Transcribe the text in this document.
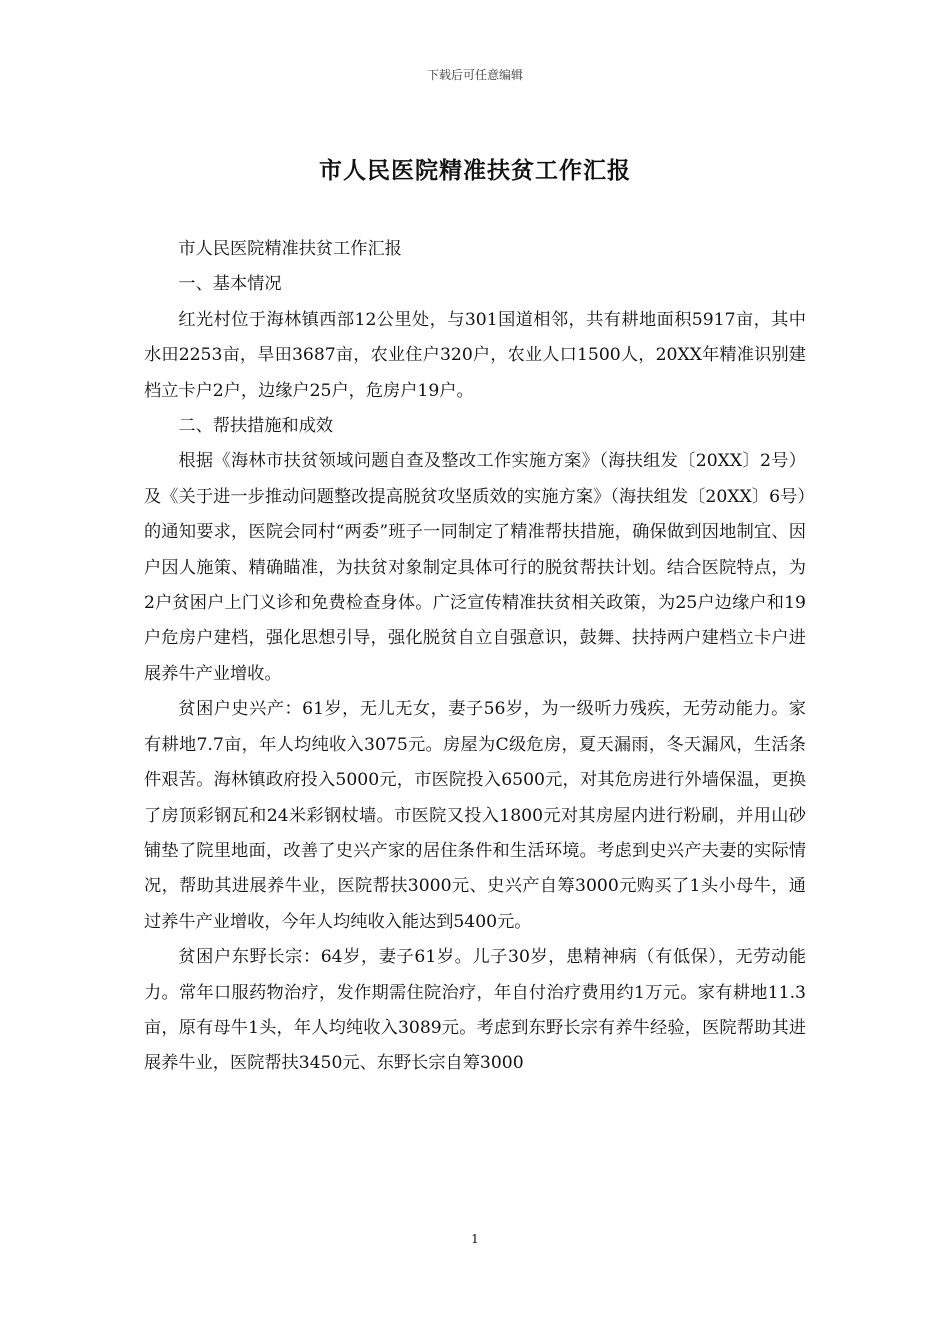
下载后可任意编辑
市人民医院精准扶贫工作汇报

市人民医院精准扶贫工作汇报

一、基本情况

红光村位于海林镇西部12公里处，与301国道相邻，共有耕地面积5917亩，其中水田2253亩，旱田3687亩，农业住户320户，农业人口1500人，20XX年精准识别建档立卡户2户，边缘户25户，危房户19户。

二、帮扶措施和成效

根据《海林市扶贫领域问题自查及整改工作实施方案》（海扶组发〔20XX〕2号）及《关于进一步推动问题整改提高脱贫攻坚质效的实施方案》（海扶组发〔20XX〕6号）的通知要求，医院会同村“两委”班子一同制定了精准帮扶措施，确保做到因地制宜、因户因人施策、精确瞄准，为扶贫对象制定具体可行的脱贫帮扶计划。结合医院特点，为2户贫困户上门义诊和免费检查身体。广泛宣传精准扶贫相关政策，为25户边缘户和19户危房户建档，强化思想引导，强化脱贫自立自强意识，鼓舞、扶持两户建档立卡户进展养牛产业增收。

贫困户史兴产：61岁，无儿无女，妻子56岁，为一级听力残疾，无劳动能力。家有耕地7.7亩，年人均纯收入3075元。房屋为C级危房，夏天漏雨，冬天漏风，生活条件艰苦。海林镇政府投入5000元，市医院投入6500元，对其危房进行外墙保温，更换了房顶彩钢瓦和24米彩钢杖墙。市医院又投入1800元对其房屋内进行粉刷，并用山砂铺垫了院里地面，改善了史兴产家的居住条件和生活环境。考虑到史兴产夫妻的实际情况，帮助其进展养牛业，医院帮扶3000元、史兴产自筹3000元购买了1头小母牛，通过养牛产业增收，今年人均纯收入能达到5400元。

贫困户东野长宗：64岁，妻子61岁。儿子30岁，患精神病（有低保），无劳动能力。常年口服药物治疗，发作期需住院治疗，年自付治疗费用约1万元。家有耕地11.3亩，原有母牛1头，年人均纯收入3089元。考虑到东野长宗有养牛经验，医院帮助其进展养牛业，医院帮扶3450元、东野长宗自筹3000

1
